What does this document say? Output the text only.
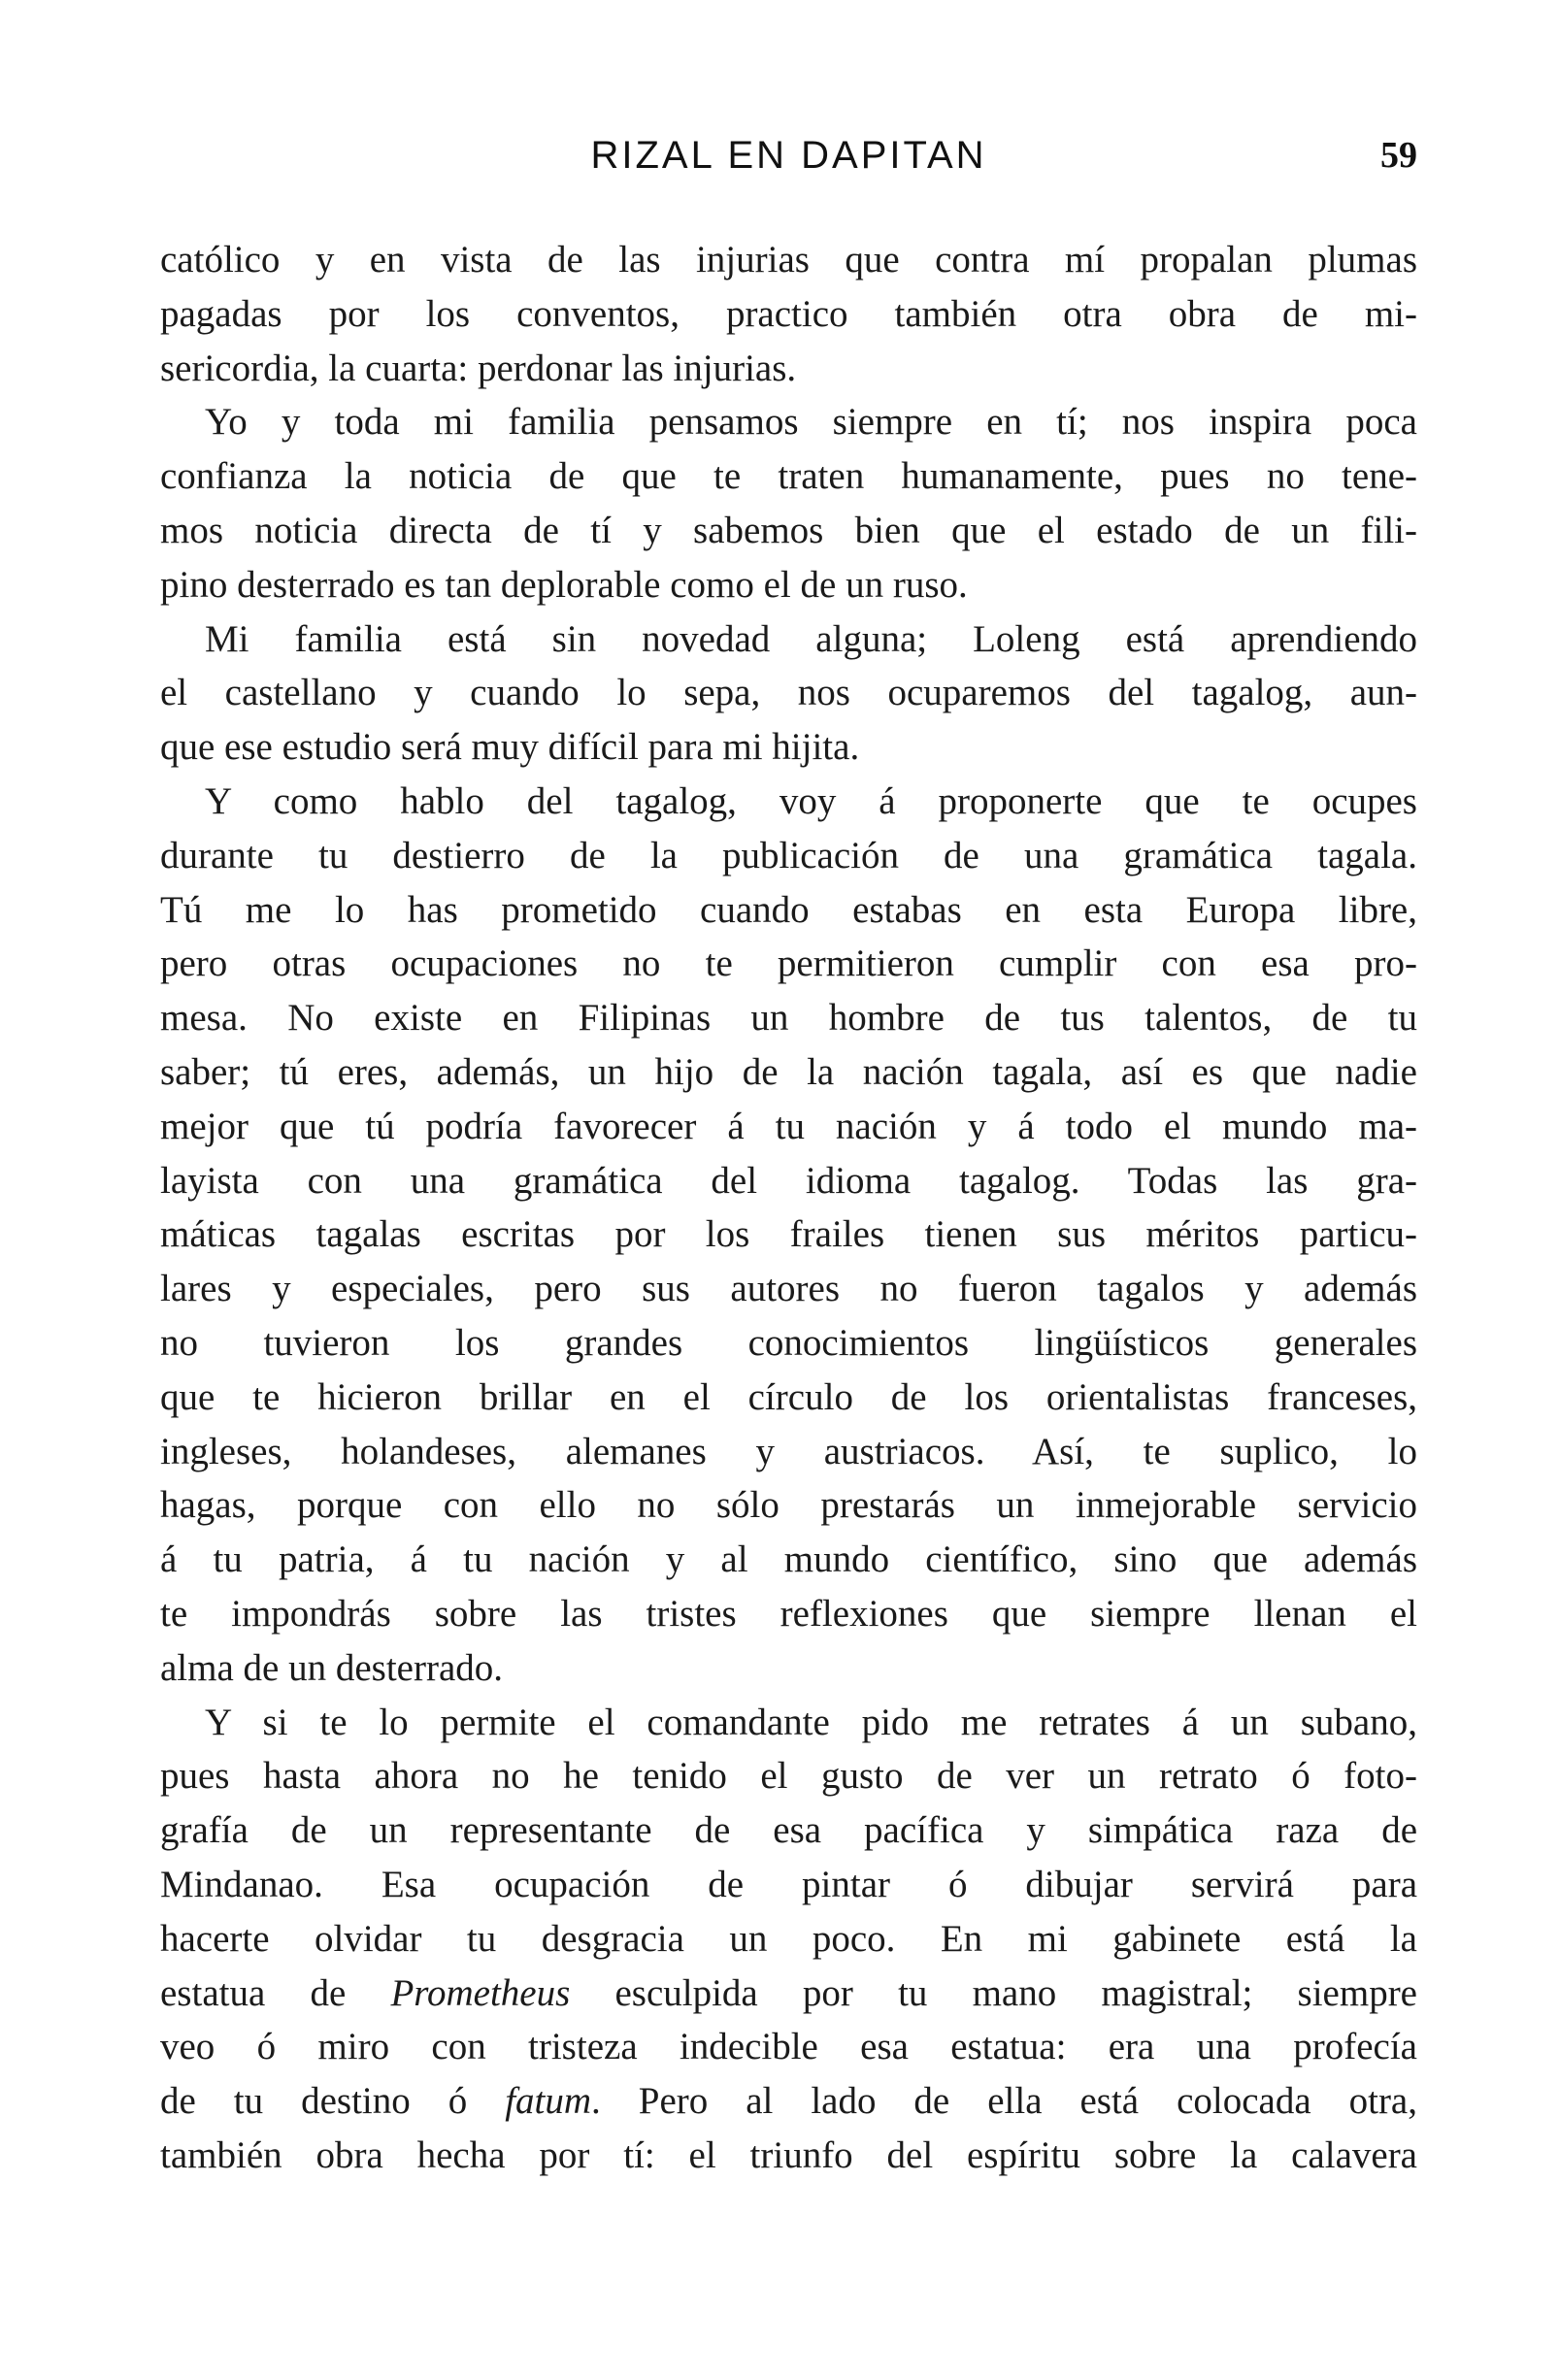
RIZAL EN DAPITAN	59
católico y en vista de las injurias que contra mí propalan plumas
pagadas por los conventos, practico también otra obra de mi-
sericordia, la cuarta: perdonar las injurias.
Yo y toda mi familia pensamos siempre en tí; nos inspira poca
confianza la noticia de que te traten humanamente, pues no tene-
mos noticia directa de tí y sabemos bien que el estado de un fili-
pino desterrado es tan deplorable como el de un ruso.
Mi familia está sin novedad alguna; Loleng está aprendiendo
el castellano y cuando lo sepa, nos ocuparemos del tagalog, aun-
que ese estudio será muy difícil para mi hijita.
Y como hablo del tagalog, voy á proponerte que te ocupes
durante tu destierro de la publicación de una gramática tagala.
Tú me lo has prometido cuando estabas en esta Europa libre,
pero otras ocupaciones no te permitieron cumplir con esa pro-
mesa. No existe en Filipinas un hombre de tus talentos, de tu
saber; tú eres, además, un hijo de la nación tagala, así es que nadie
mejor que tú podría favorecer á tu nación y á todo el mundo ma-
layista con una gramática del idioma tagalog. Todas las gra-
máticas tagalas escritas por los frailes tienen sus méritos particu-
lares y especiales, pero sus autores no fueron tagalos y además
no tuvieron los grandes conocimientos lingüísticos generales
que te hicieron brillar en el círculo de los orientalistas franceses,
ingleses, holandeses, alemanes y austriacos. Así, te suplico, lo
hagas, porque con ello no sólo prestarás un inmejorable servicio
á tu patria, á tu nación y al mundo científico, sino que además
te impondrás sobre las tristes reflexiones que siempre llenan el
alma de un desterrado.
Y si te lo permite el comandante pido me retrates á un subano,
pues hasta ahora no he tenido el gusto de ver un retrato ó foto-
grafía de un representante de esa pacífica y simpática raza de
Mindanao. Esa ocupación de pintar ó dibujar servirá para
hacerte olvidar tu desgracia un poco. En mi gabinete está la
estatua de Prometheus esculpida por tu mano magistral; siempre
veo ó miro con tristeza indecible esa estatua: era una profecía
de tu destino ó fatum. Pero al lado de ella está colocada otra,
también obra hecha por tí: el triunfo del espíritu sobre la calavera
